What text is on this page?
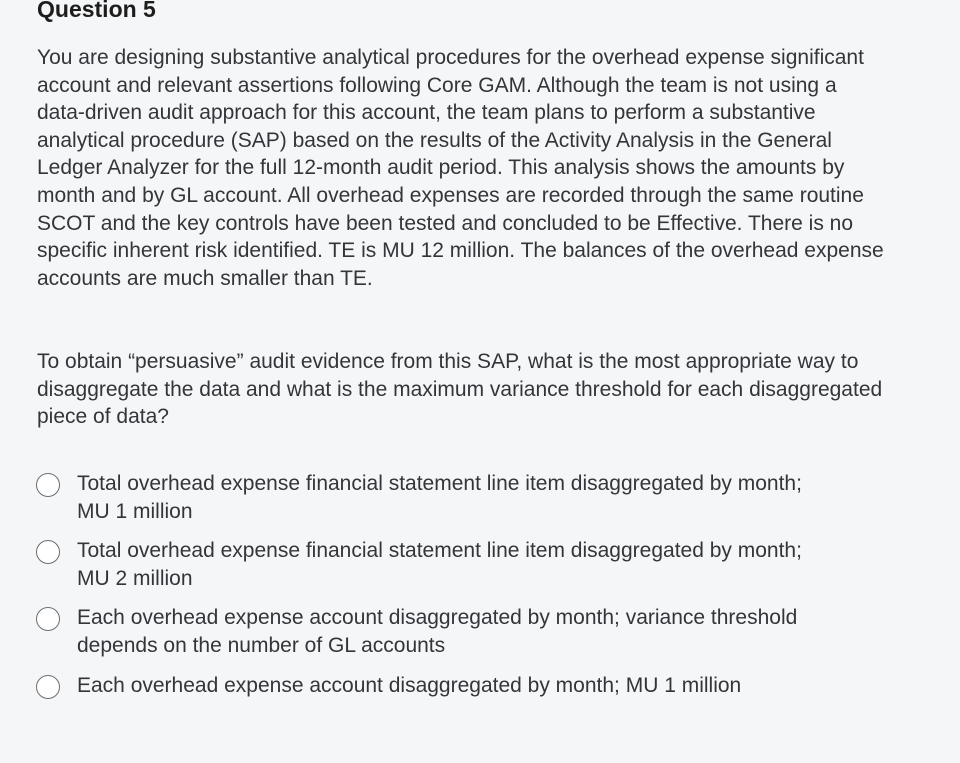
Question 5

You are designing substantive analytical procedures for the overhead expense significant account and relevant assertions following Core GAM. Although the team is not using a data-driven audit approach for this account, the team plans to perform a substantive analytical procedure (SAP) based on the results of the Activity Analysis in the General Ledger Analyzer for the full 12-month audit period. This analysis shows the amounts by month and by GL account. All overhead expenses are recorded through the same routine SCOT and the key controls have been tested and concluded to be Effective. There is no specific inherent risk identified. TE is MU 12 million. The balances of the overhead expense accounts are much smaller than TE.

To obtain “persuasive” audit evidence from this SAP, what is the most appropriate way to disaggregate the data and what is the maximum variance threshold for each disaggregated piece of data?

Total overhead expense financial statement line item disaggregated by month; MU 1 million
Total overhead expense financial statement line item disaggregated by month; MU 2 million
Each overhead expense account disaggregated by month; variance threshold depends on the number of GL accounts
Each overhead expense account disaggregated by month; MU 1 million
